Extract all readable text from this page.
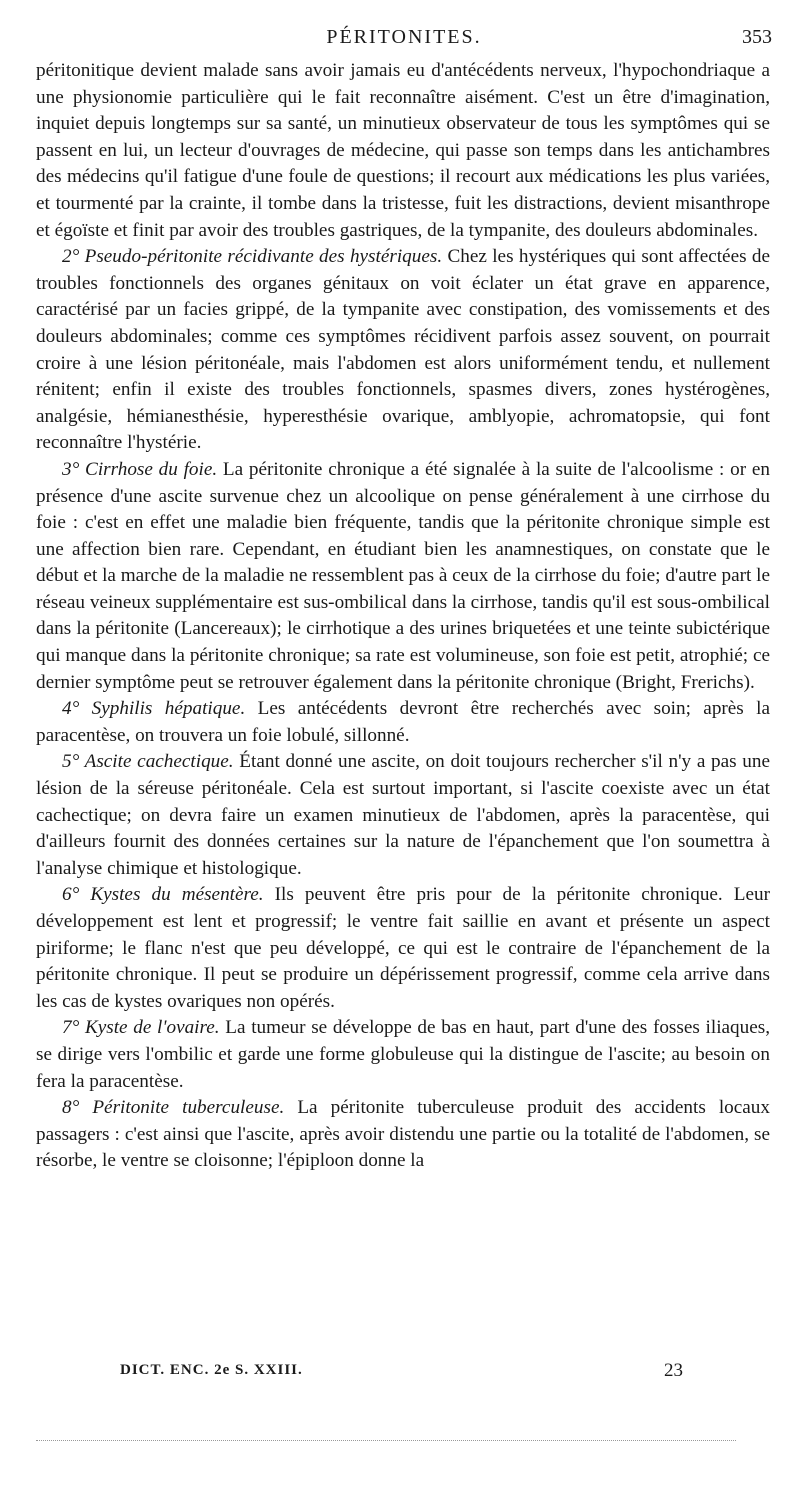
PÉRITONITES.	353

péritonitique devient malade sans avoir jamais eu d'antécédents nerveux, l'hypochondriaque a une physionomie particulière qui le fait reconnaître aisément. C'est un être d'imagination, inquiet depuis longtemps sur sa santé, un minutieux observateur de tous les symptômes qui se passent en lui, un lecteur d'ouvrages de médecine, qui passe son temps dans les antichambres des médecins qu'il fatigue d'une foule de questions; il recourt aux médications les plus variées, et tourmenté par la crainte, il tombe dans la tristesse, fuit les distractions, devient misanthrope et égoïste et finit par avoir des troubles gastriques, de la tympanite, des douleurs abdominales.

2° Pseudo-péritonite récidivante des hystériques. Chez les hystériques qui sont affectées de troubles fonctionnels des organes génitaux on voit éclater un état grave en apparence, caractérisé par un facies grippé, de la tympanite avec constipation, des vomissements et des douleurs abdominales; comme ces symptômes récidivent parfois assez souvent, on pourrait croire à une lésion péritonéale, mais l'abdomen est alors uniformément tendu, et nullement rénitent; enfin il existe des troubles fonctionnels, spasmes divers, zones hystérogènes, analgésie, hémianesthésie, hyperesthésie ovarique, amblyopie, achromatopsie, qui font reconnaître l'hystérie.

3° Cirrhose du foie. La péritonite chronique a été signalée à la suite de l'alcoolisme : or en présence d'une ascite survenue chez un alcoolique on pense généralement à une cirrhose du foie : c'est en effet une maladie bien fréquente, tandis que la péritonite chronique simple est une affection bien rare. Cependant, en étudiant bien les anamnestiques, on constate que le début et la marche de la maladie ne ressemblent pas à ceux de la cirrhose du foie; d'autre part le réseau veineux supplémentaire est sus-ombilical dans la cirrhose, tandis qu'il est sous-ombilical dans la péritonite (Lancereaux); le cirrhotique a des urines briquetées et une teinte subictérique qui manque dans la péritonite chronique; sa rate est volumineuse, son foie est petit, atrophié; ce dernier symptôme peut se retrouver également dans la péritonite chronique (Bright, Frerichs).

4° Syphilis hépatique. Les antécédents devront être recherchés avec soin; après la paracentèse, on trouvera un foie lobulé, sillonné.

5° Ascite cachectique. Étant donné une ascite, on doit toujours rechercher s'il n'y a pas une lésion de la séreuse péritonéale. Cela est surtout important, si l'ascite coexiste avec un état cachectique; on devra faire un examen minutieux de l'abdomen, après la paracentèse, qui d'ailleurs fournit des données certaines sur la nature de l'épanchement que l'on soumettra à l'analyse chimique et histologique.

6° Kystes du mésentère. Ils peuvent être pris pour de la péritonite chronique. Leur développement est lent et progressif; le ventre fait saillie en avant et présente un aspect piriforme; le flanc n'est que peu développé, ce qui est le contraire de l'épanchement de la péritonite chronique. Il peut se produire un dépérissement progressif, comme cela arrive dans les cas de kystes ovariques non opérés.

7° Kyste de l'ovaire. La tumeur se développe de bas en haut, part d'une des fosses iliaques, se dirige vers l'ombilic et garde une forme globuleuse qui la distingue de l'ascite; au besoin on fera la paracentèse.

8° Péritonite tuberculeuse. La péritonite tuberculeuse produit des accidents locaux passagers : c'est ainsi que l'ascite, après avoir distendu une partie ou la totalité de l'abdomen, se résorbe, le ventre se cloisonne; l'épiploon donne la

DICT. ENC. 2e S. XXIII.	23
